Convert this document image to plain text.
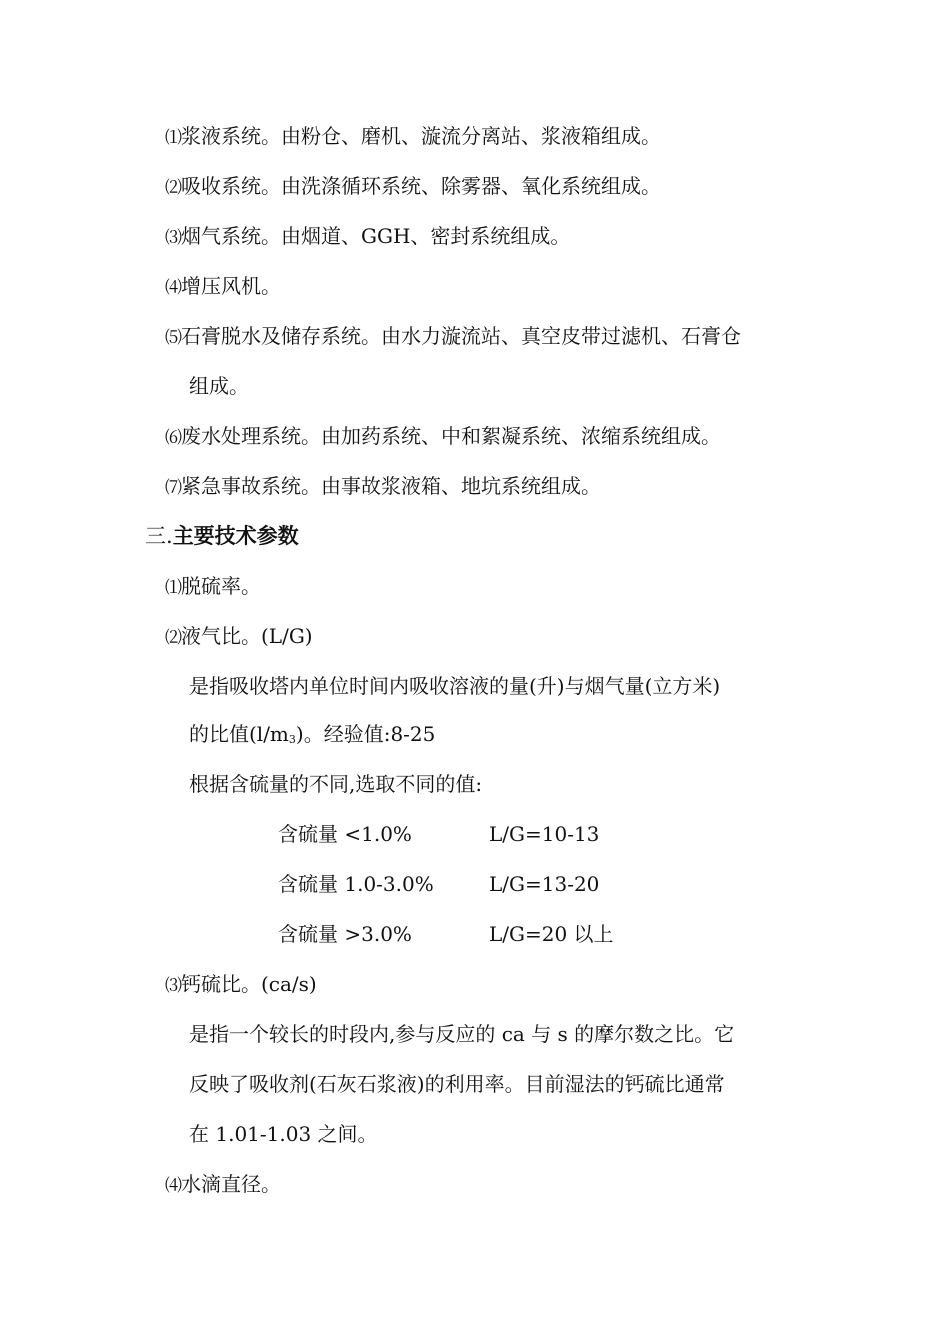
⑴浆液系统。由粉仓、磨机、漩流分离站、浆液箱组成。
⑵吸收系统。由洗涤循环系统、除雾器、氧化系统组成。
⑶烟气系统。由烟道、GGH、密封系统组成。
⑷增压风机。
⑸石膏脱水及储存系统。由水力漩流站、真空皮带过滤机、石膏仓
组成。
⑹废水处理系统。由加药系统、中和絮凝系统、浓缩系统组成。
⑺紧急事故系统。由事故浆液箱、地坑系统组成。
三.主要技术参数
⑴脱硫率。
⑵液气比。(L/G)
是指吸收塔内单位时间内吸收溶液的量(升)与烟气量(立方米)
的比值(l/m3)。经验值:8-25
根据含硫量的不同,选取不同的值:
含硫量 <1.0%	L/G=10-13
含硫量 1.0-3.0%	L/G=13-20
含硫量 >3.0%	L/G=20 以上
⑶钙硫比。(ca/s)
是指一个较长的时段内,参与反应的 ca 与 s 的摩尔数之比。它
反映了吸收剂(石灰石浆液)的利用率。目前湿法的钙硫比通常
在 1.01-1.03 之间。
⑷水滴直径。
